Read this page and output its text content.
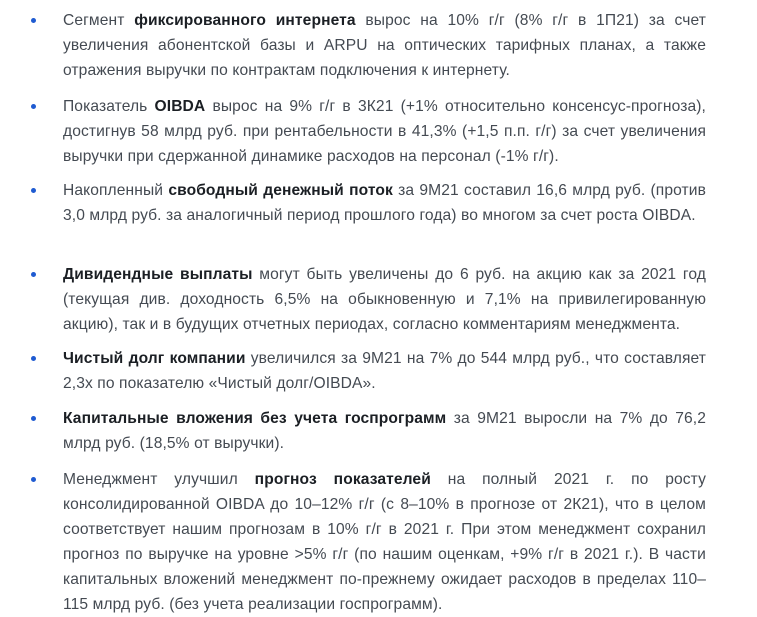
Сегмент фиксированного интернета вырос на 10% г/г (8% г/г в 1П21) за счет увеличения абонентской базы и ARPU на оптических тарифных планах, а также отражения выручки по контрактам подключения к интернету.

Показатель OIBDA вырос на 9% г/г в 3К21 (+1% относительно консенсус-прогноза), достигнув 58 млрд руб. при рентабельности в 41,3% (+1,5 п.п. г/г) за счет увеличения выручки при сдержанной динамике расходов на персонал (-1% г/г).

Накопленный свободный денежный поток за 9М21 составил 16,6 млрд руб. (против 3,0 млрд руб. за аналогичный период прошлого года) во многом за счет роста OIBDA.

Дивидендные выплаты могут быть увеличены до 6 руб. на акцию как за 2021 год (текущая див. доходность 6,5% на обыкновенную и 7,1% на привилегированную акцию), так и в будущих отчетных периодах, согласно комментариям менеджмента.

Чистый долг компании увеличился за 9М21 на 7% до 544 млрд руб., что составляет 2,3х по показателю «Чистый долг/OIBDA».

Капитальные вложения без учета госпрограмм за 9М21 выросли на 7% до 76,2 млрд руб. (18,5% от выручки).

Менеджмент улучшил прогноз показателей на полный 2021 г. по росту консолидированной OIBDA до 10–12% г/г (с 8–10% в прогнозе от 2К21), что в целом соответствует нашим прогнозам в 10% г/г в 2021 г. При этом менеджмент сохранил прогноз по выручке на уровне >5% г/г (по нашим оценкам, +9% г/г в 2021 г.). В части капитальных вложений менеджмент по-прежнему ожидает расходов в пределах 110–115 млрд руб. (без учета реализации госпрограмм).
